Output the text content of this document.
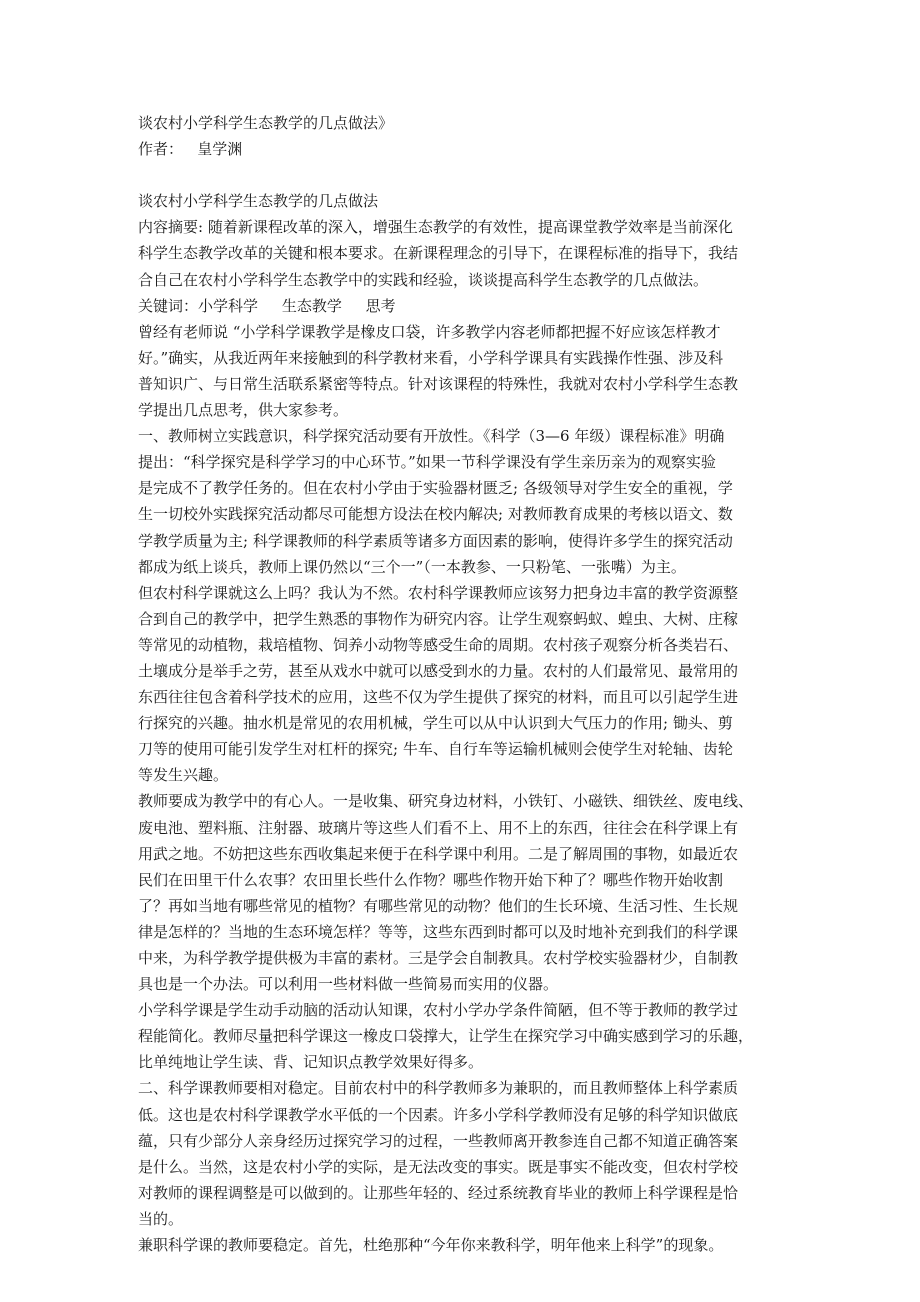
谈农村小学科学生态教学的几点做法》
作者：   皇学渊
谈农村小学科学生态教学的几点做法
内容摘要: 随着新课程改革的深入，增强生态教学的有效性，提高课堂教学效率是当前深化
科学生态教学改革的关键和根本要求。在新课程理念的引导下，在课程标准的指导下，我结
合自己在农村小学科学生态教学中的实践和经验，谈谈提高科学生态教学的几点做法。
关键词：小学科学     生态教学     思考
曾经有老师说 “小学科学课教学是橡皮口袋，许多教学内容老师都把握不好应该怎样教才
好。”确实，从我近两年来接触到的科学教材来看，小学科学课具有实践操作性强、涉及科
普知识广、与日常生活联系紧密等特点。针对该课程的特殊性，我就对农村小学科学生态教
学提出几点思考，供大家参考。
一、教师树立实践意识，科学探究活动要有开放性。《科学（3—6 年级）课程标准》明确
提出：“科学探究是科学学习的中心环节。”如果一节科学课没有学生亲历亲为的观察实验
是完成不了教学任务的。但在农村小学由于实验器材匮乏; 各级领导对学生安全的重视，学
生一切校外实践探究活动都尽可能想方设法在校内解决; 对教师教育成果的考核以语文、数
学教学质量为主; 科学课教师的科学素质等诸多方面因素的影响，使得许多学生的探究活动
都成为纸上谈兵，教师上课仍然以“三个一”（一本教参、一只粉笔、一张嘴）为主。
但农村科学课就这么上吗？我认为不然。农村科学课教师应该努力把身边丰富的教学资源整
合到自己的教学中，把学生熟悉的事物作为研究内容。让学生观察蚂蚁、蝗虫、大树、庄稼
等常见的动植物，栽培植物、饲养小动物等感受生命的周期。农村孩子观察分析各类岩石、
土壤成分是举手之劳，甚至从戏水中就可以感受到水的力量。农村的人们最常见、最常用的
东西往往包含着科学技术的应用，这些不仅为学生提供了探究的材料，而且可以引起学生进
行探究的兴趣。抽水机是常见的农用机械，学生可以从中认识到大气压力的作用; 锄头、剪
刀等的使用可能引发学生对杠杆的探究; 牛车、自行车等运输机械则会使学生对轮轴、齿轮
等发生兴趣。
教师要成为教学中的有心人。一是收集、研究身边材料，小铁钉、小磁铁、细铁丝、废电线、
废电池、塑料瓶、注射器、玻璃片等这些人们看不上、用不上的东西，往往会在科学课上有
用武之地。不妨把这些东西收集起来便于在科学课中利用。二是了解周围的事物，如最近农
民们在田里干什么农事？农田里长些什么作物？哪些作物开始下种了？哪些作物开始收割
了？再如当地有哪些常见的植物？有哪些常见的动物？他们的生长环境、生活习性、生长规
律是怎样的？当地的生态环境怎样？等等，这些东西到时都可以及时地补充到我们的科学课
中来，为科学教学提供极为丰富的素材。三是学会自制教具。农村学校实验器材少，自制教
具也是一个办法。可以利用一些材料做一些简易而实用的仪器。
小学科学课是学生动手动脑的活动认知课，农村小学办学条件简陋，但不等于教师的教学过
程能简化。教师尽量把科学课这一橡皮口袋撑大，让学生在探究学习中确实感到学习的乐趣，
比单纯地让学生读、背、记知识点教学效果好得多。
二、科学课教师要相对稳定。目前农村中的科学教师多为兼职的，而且教师整体上科学素质
低。这也是农村科学课教学水平低的一个因素。许多小学科学教师没有足够的科学知识做底
蕴，只有少部分人亲身经历过探究学习的过程，一些教师离开教参连自己都不知道正确答案
是什么。当然，这是农村小学的实际，是无法改变的事实。既是事实不能改变，但农村学校
对教师的课程调整是可以做到的。让那些年轻的、经过系统教育毕业的教师上科学课程是恰
当的。
兼职科学课的教师要稳定。首先，杜绝那种“今年你来教科学，明年他来上科学”的现象。
